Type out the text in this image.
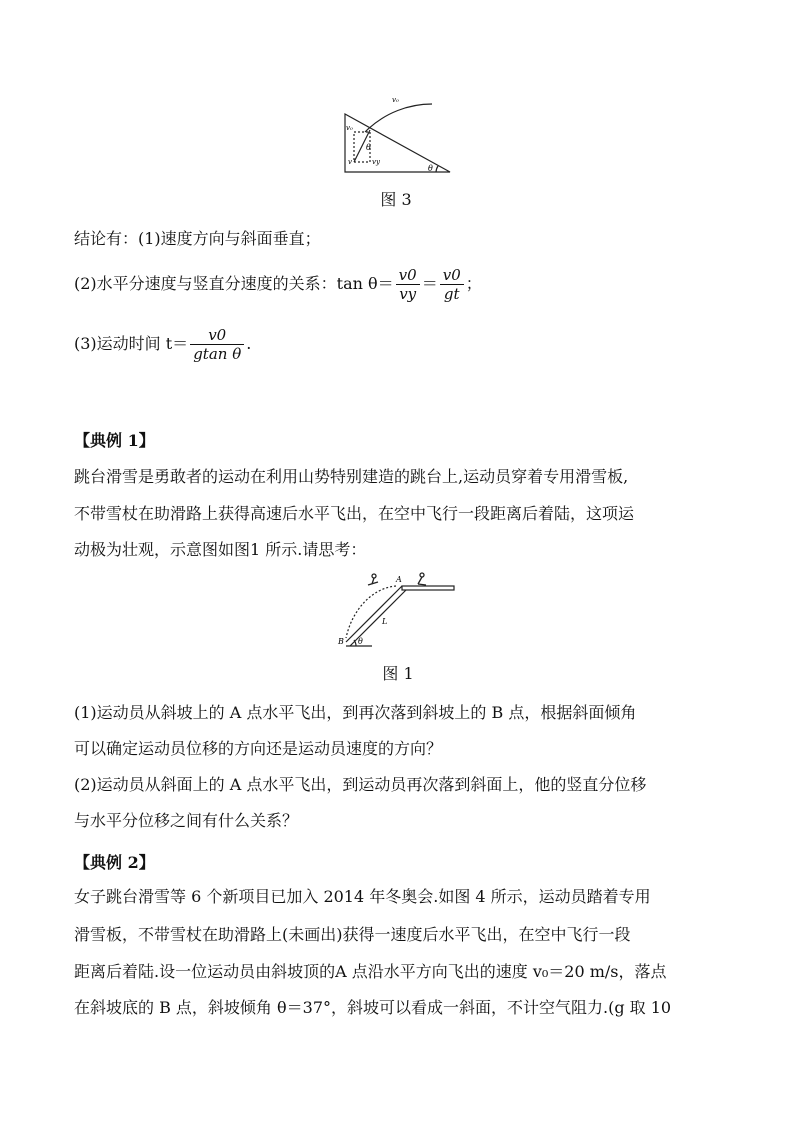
v₀
v₀
v	vy
θ
θ
图 3
结论有：(1)速度方向与斜面垂直；
(2)水平分速度与竖直分速度的关系：$\tan \theta= \frac{v0}{vy} = \frac{v0}{gt}$ ；
(3)运动时间 $t= \frac{v0}{\text{gtan θ}}$ .
【典例 1】
跳台滑雪是勇敢者的运动在利用山势特别建造的跳台上,运动员穿着专用滑雪板,
不带雪杖在助滑路上获得高速后水平飞出，在空中飞行一段距离后着陆，这项运
动极为壮观，示意图如图1 所示.请思考：
A
B
L
θ
图 1
(1)运动员从斜坡上的 A 点水平飞出，到再次落到斜坡上的 B 点，根据斜面倾角
可以确定运动员位移的方向还是运动员速度的方向？
(2)运动员从斜面上的 A 点水平飞出，到运动员再次落到斜面上，他的竖直分位移
与水平分位移之间有什么关系？
【典例 2】
女子跳台滑雪等 6 个新项目已加入 2014 年冬奥会.如图 4 所示，运动员踏着专用
滑雪板，不带雪杖在助滑路上(未画出)获得一速度后水平飞出，在空中飞行一段
距离后着陆.设一位运动员由斜坡顶的A 点沿水平方向飞出的速度 v₀＝20 m/s，落点
在斜坡底的 B 点，斜坡倾角 θ＝37°，斜坡可以看成一斜面，不计空气阻力.(g 取 10
